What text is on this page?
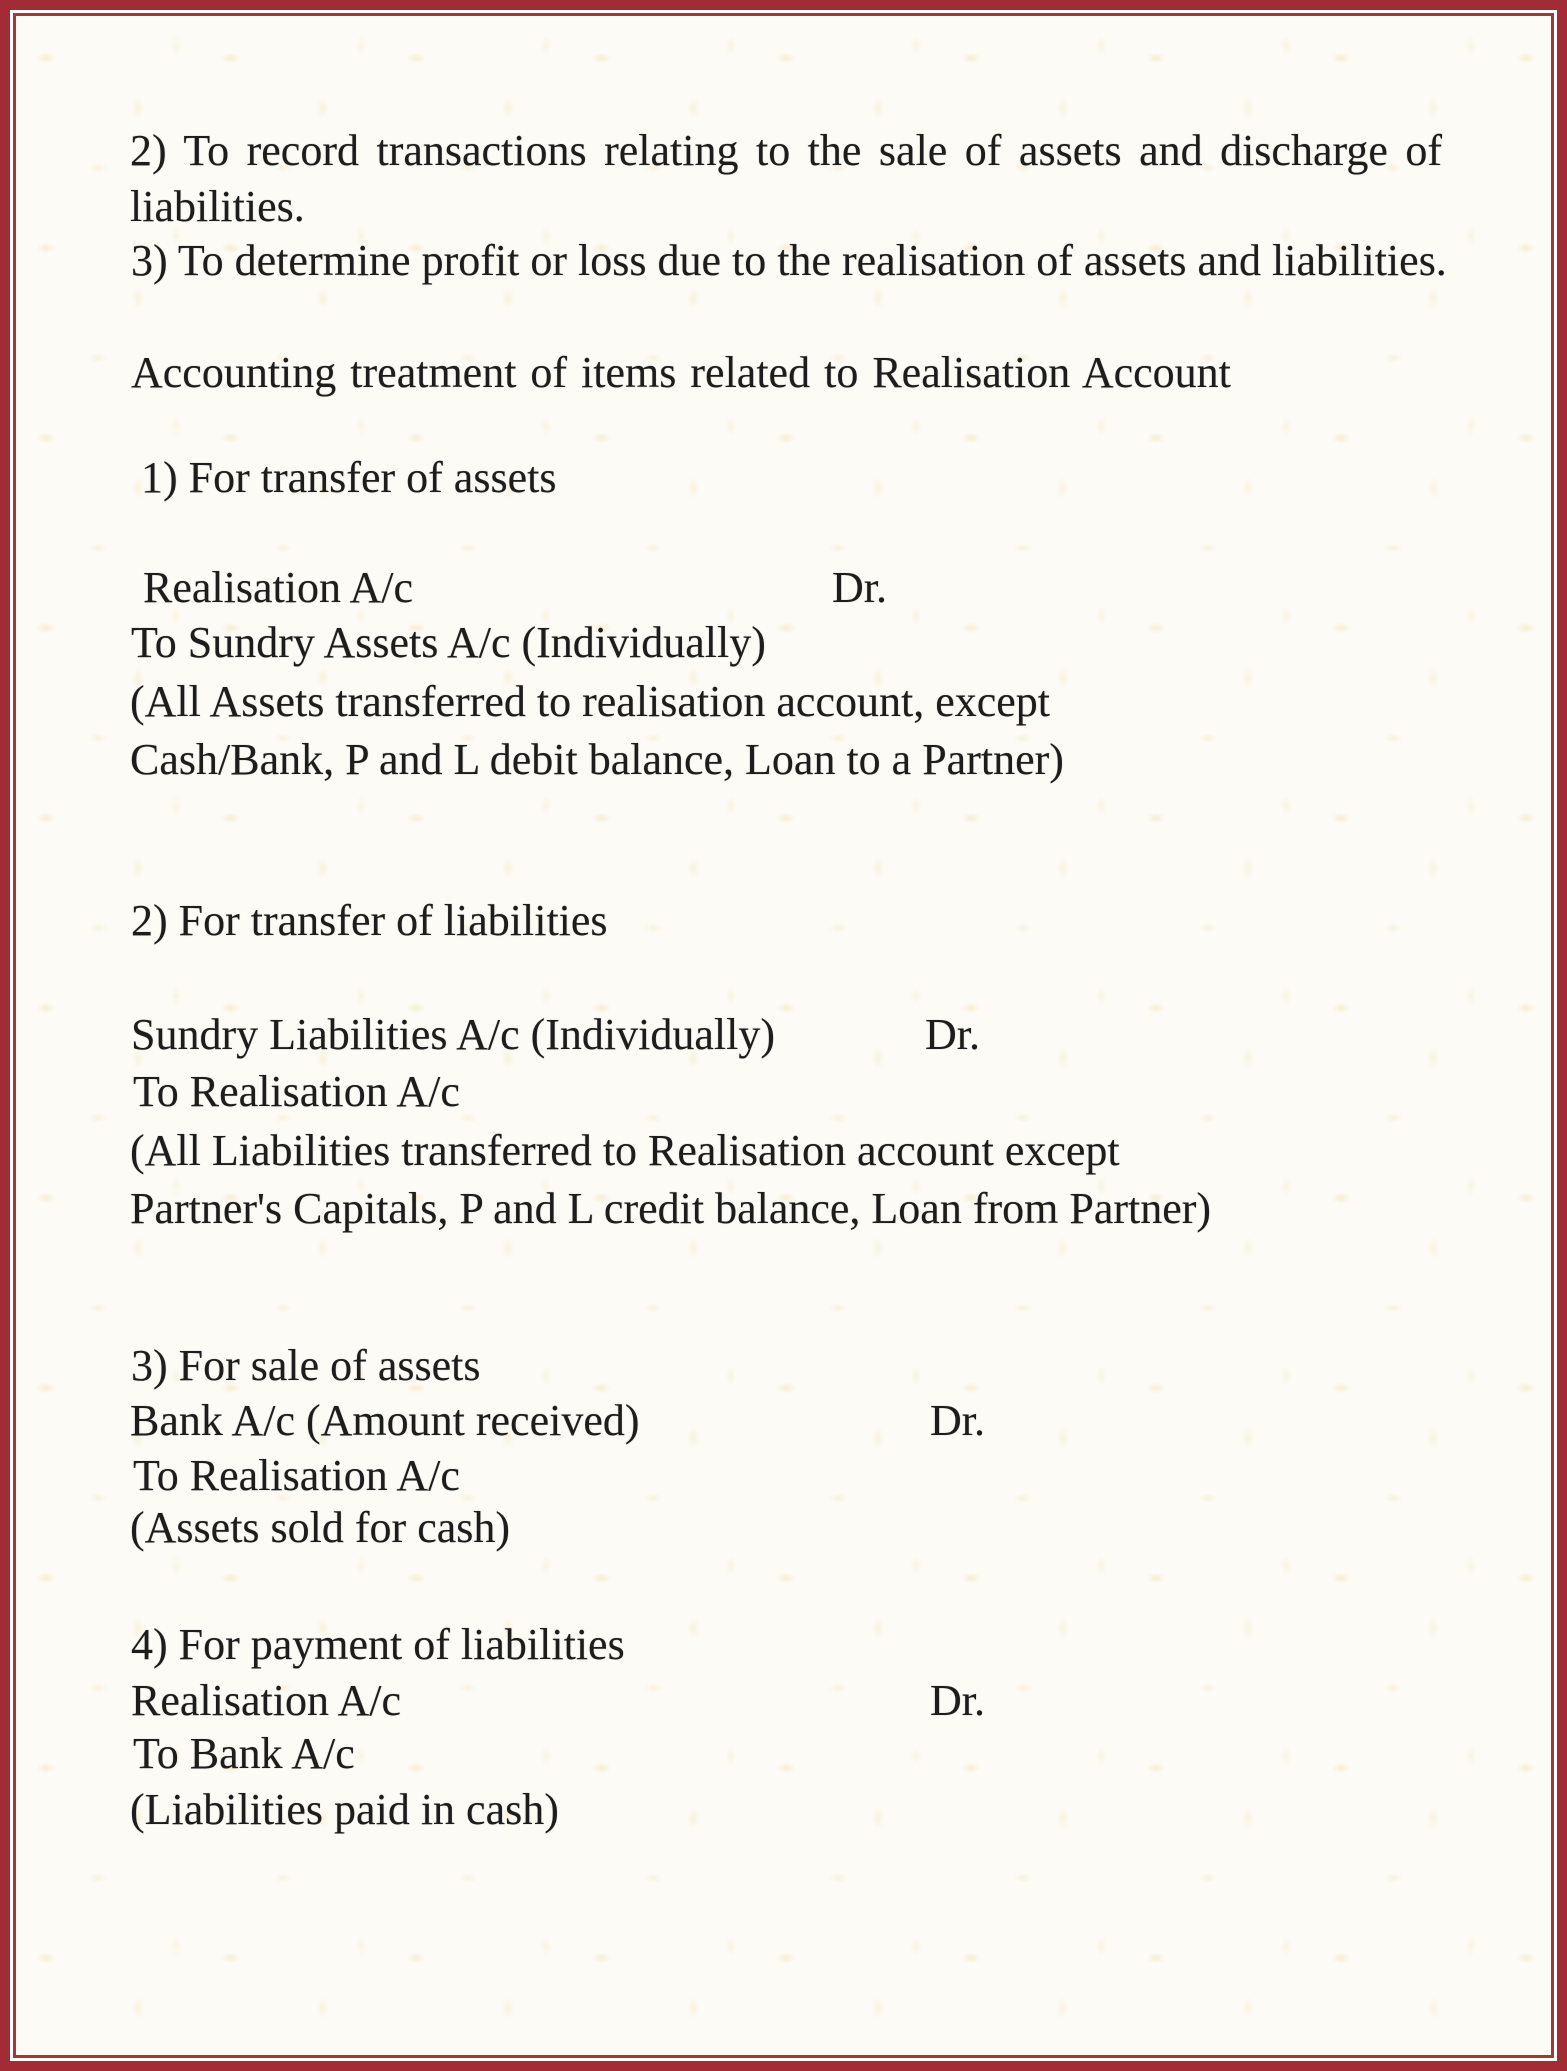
2) To record transactions relating to the sale of assets and discharge of
liabilities.
3) To determine profit or loss due to the realisation of assets and liabilities.
Accounting treatment of items related to Realisation Account
1) For transfer of assets
Realisation A/c	Dr.
To Sundry Assets A/c (Individually)
(All Assets transferred to realisation account, except
Cash/Bank, P and L debit balance, Loan to a Partner)
2) For transfer of liabilities
Sundry Liabilities A/c (Individually)	Dr.
To Realisation A/c
(All Liabilities transferred to Realisation account except
Partner's Capitals, P and L credit balance, Loan from Partner)
3) For sale of assets
Bank A/c (Amount received)	Dr.
To Realisation A/c
(Assets sold for cash)
4) For payment of liabilities
Realisation A/c	Dr.
To Bank A/c
(Liabilities paid in cash)
